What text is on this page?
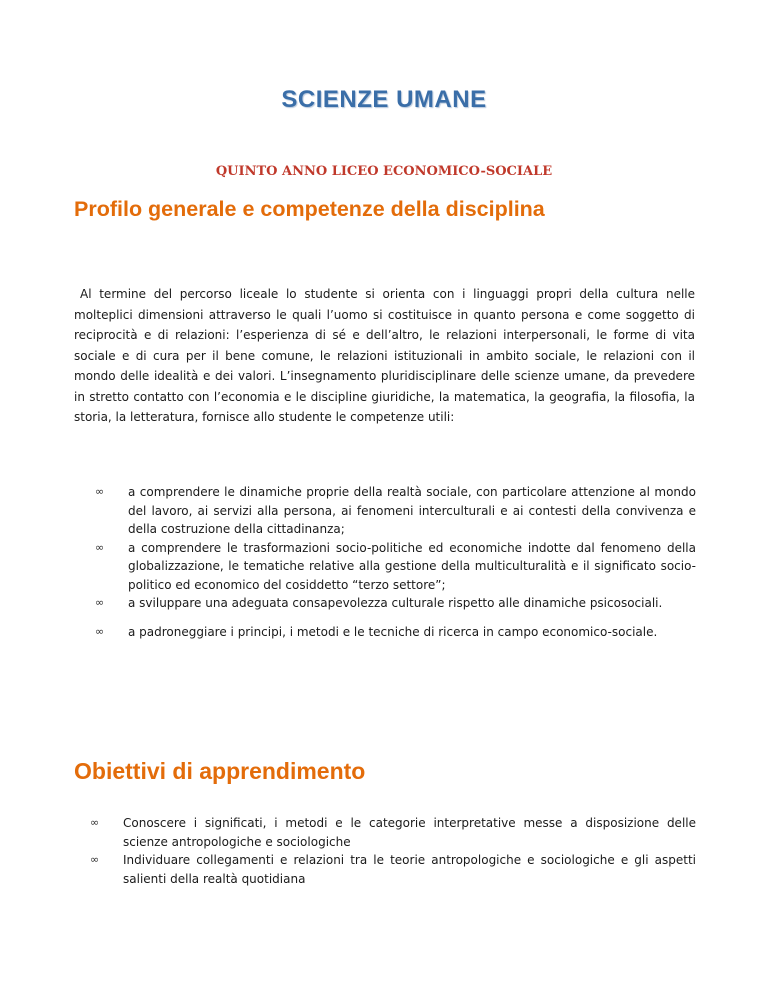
SCIENZE UMANE

QUINTO ANNO LICEO ECONOMICO-SOCIALE

Profilo generale e competenze della disciplina

Al termine del percorso liceale lo studente si orienta con i linguaggi propri della cultura nelle molteplici dimensioni attraverso le quali l’uomo si costituisce in quanto persona e come soggetto di reciprocità e di relazioni: l’esperienza di sé e dell’altro, le relazioni interpersonali, le forme di vita sociale e di cura per il bene comune, le relazioni istituzionali in ambito sociale, le relazioni con il mondo delle idealità e dei valori. L’insegnamento pluridisciplinare delle scienze umane, da prevedere in stretto contatto con l’economia e le discipline giuridiche, la matematica, la geografia, la filosofia, la storia, la letteratura, fornisce allo studente le competenze utili:

∞ a comprendere le dinamiche proprie della realtà sociale, con particolare attenzione al mondo del lavoro, ai servizi alla persona, ai fenomeni interculturali e ai contesti della convivenza e della costruzione della cittadinanza;
∞ a comprendere le trasformazioni socio-politiche ed economiche indotte dal fenomeno della globalizzazione, le tematiche relative alla gestione della multiculturalità e il significato socio-politico ed economico del cosiddetto “terzo settore”;
∞ a sviluppare una adeguata consapevolezza culturale rispetto alle dinamiche psicosociali.
∞ a padroneggiare i principi, i metodi e le tecniche di ricerca in campo economico-sociale.
Obiettivi di apprendimento
∞ Conoscere i significati, i metodi e le categorie interpretative messe a disposizione delle scienze antropologiche e sociologiche
∞ Individuare collegamenti e relazioni tra le teorie antropologiche e sociologiche e gli aspetti salienti della realtà quotidiana
